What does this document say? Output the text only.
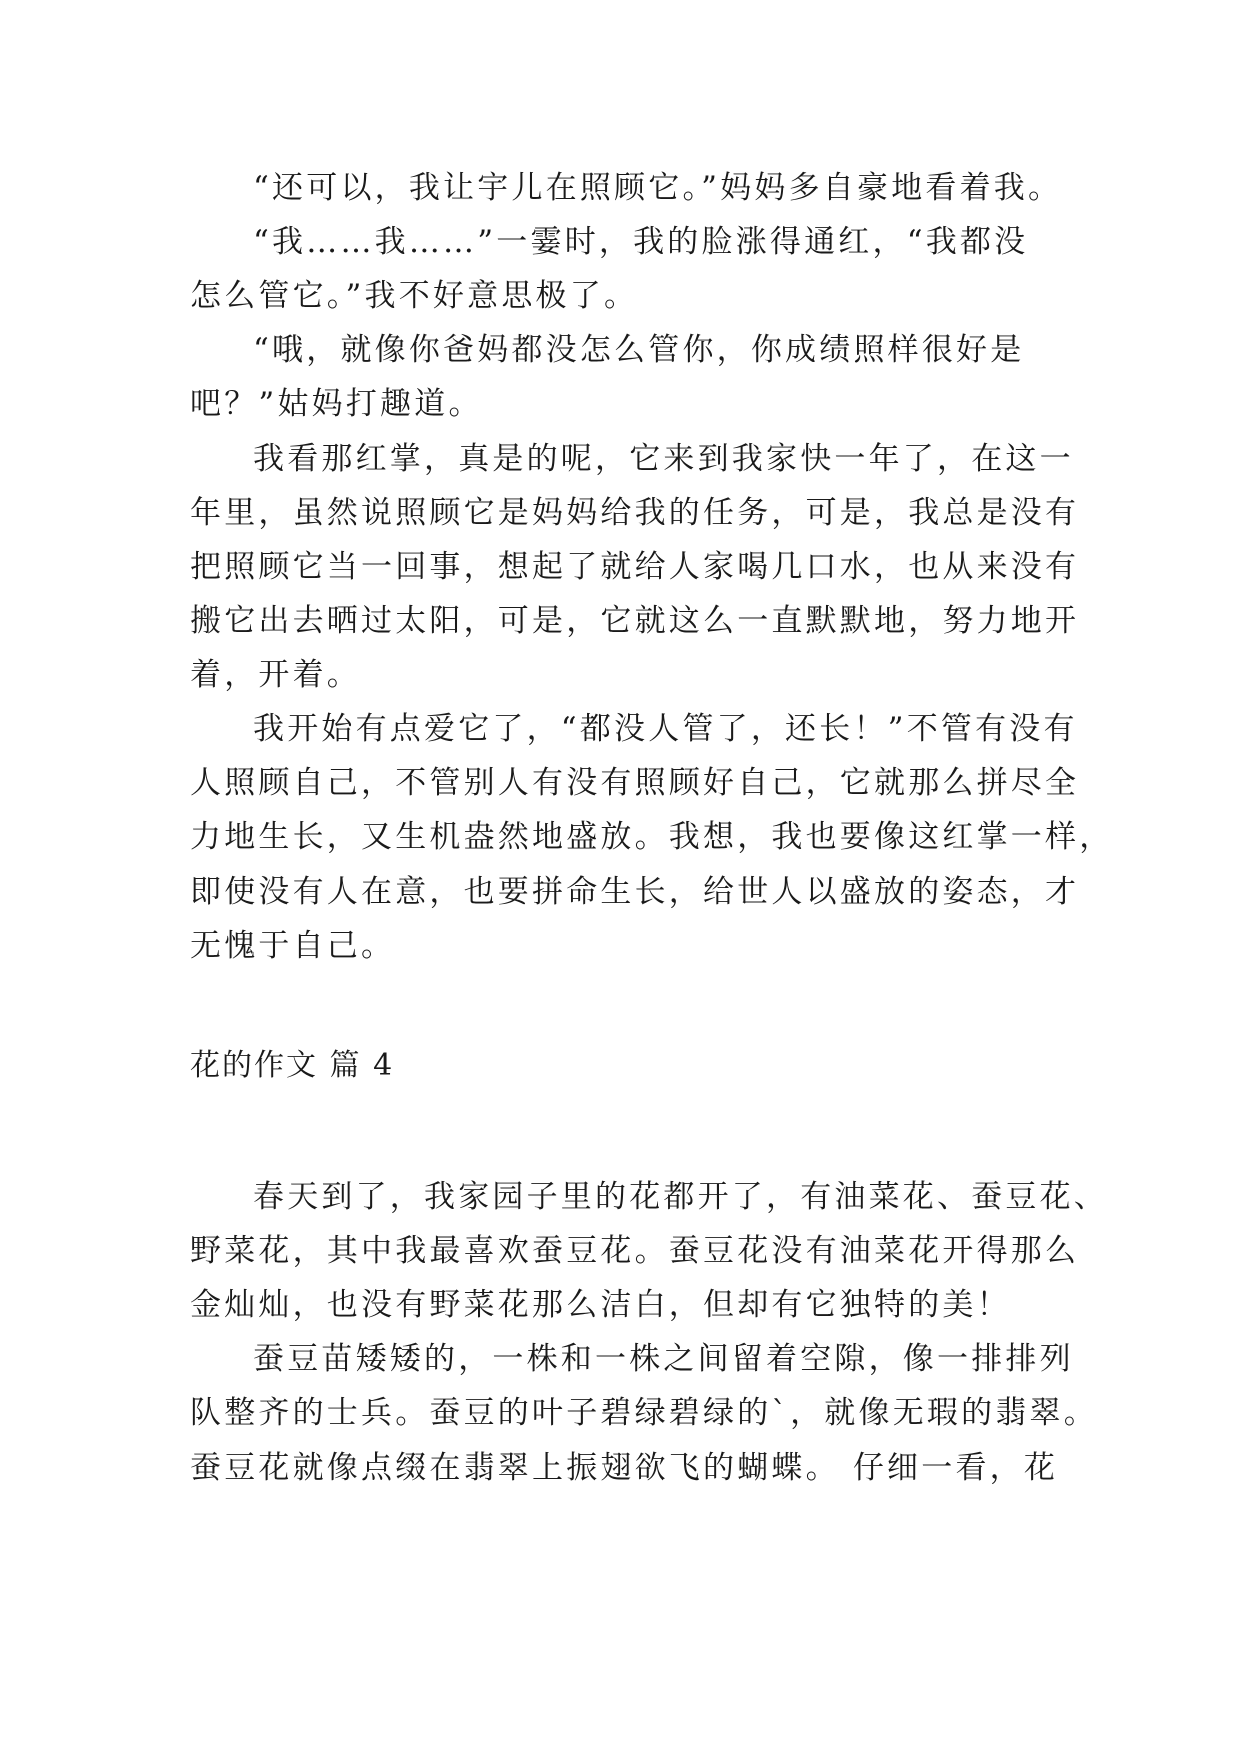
“还可以，我让宇儿在照顾它。”妈妈多自豪地看着我。
“我……我……”一霎时，我的脸涨得通红，“我都没
怎么管它。”我不好意思极了。
“哦，就像你爸妈都没怎么管你，你成绩照样很好是
吧？”姑妈打趣道。
我看那红掌，真是的呢，它来到我家快一年了，在这一
年里，虽然说照顾它是妈妈给我的任务，可是，我总是没有
把照顾它当一回事，想起了就给人家喝几口水，也从来没有
搬它出去晒过太阳，可是，它就这么一直默默地，努力地开
着，开着。
我开始有点爱它了，“都没人管了，还长！”不管有没有
人照顾自己，不管别人有没有照顾好自己，它就那么拼尽全
力地生长，又生机盎然地盛放。我想，我也要像这红掌一样，
即使没有人在意，也要拼命生长，给世人以盛放的姿态，才
无愧于自己。
花的作文 篇 4
春天到了，我家园子里的花都开了，有油菜花、蚕豆花、
野菜花，其中我最喜欢蚕豆花。蚕豆花没有油菜花开得那么
金灿灿，也没有野菜花那么洁白，但却有它独特的美！
蚕豆苗矮矮的，一株和一株之间留着空隙，像一排排列
队整齐的士兵。蚕豆的叶子碧绿碧绿的`，就像无瑕的翡翠。
蚕豆花就像点缀在翡翠上振翅欲飞的蝴蝶。 仔细一看，花
